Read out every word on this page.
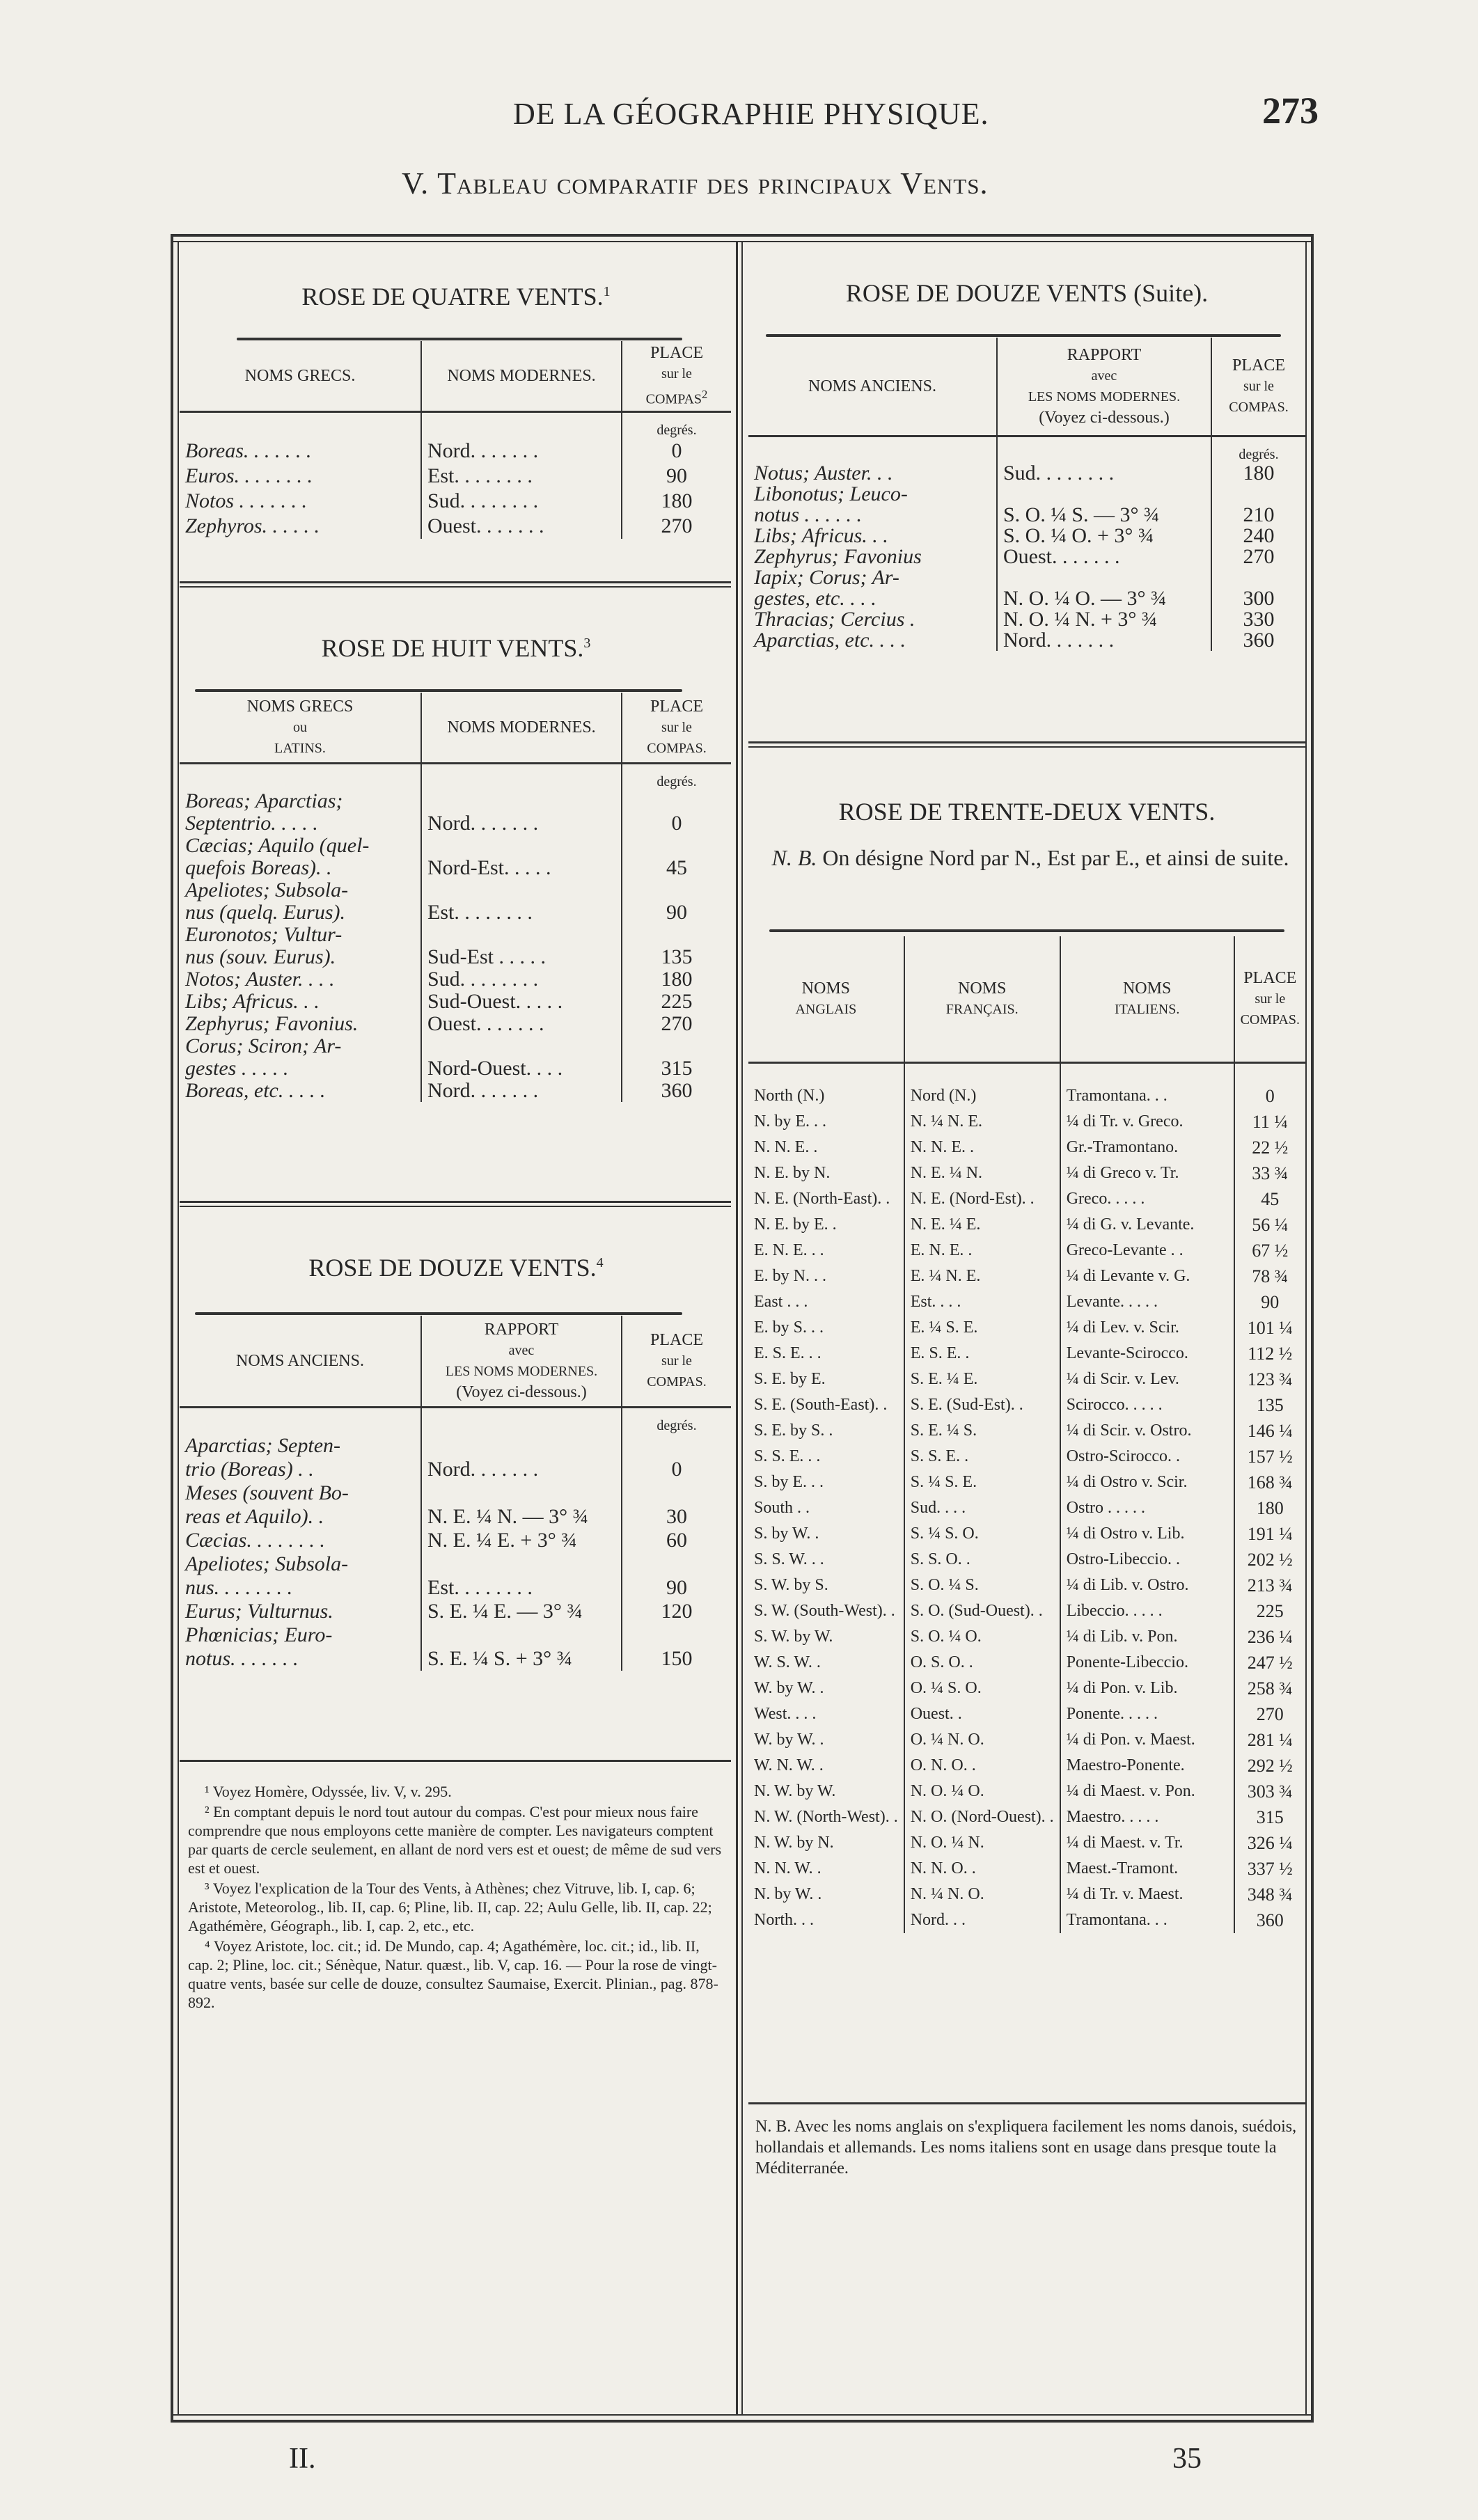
DE LA GÉOGRAPHIE PHYSIQUE.	273
V. Tableau comparatif des principaux Vents.
ROSE DE QUATRE VENTS.$^1$
NOMS GRECS.	NOMS MODERNES.	PLACE
sur le
COMPAS$^2$

		degrés.

Boreas. . . . . . .	Nord. . . . . . .	0

Euros. . . . . . . .	Est. . . . . . . .	90

Notos . . . . . . .	Sud. . . . . . . .	180

Zephyros. . . . . .	Ouest. . . . . . .	270
ROSE DE HUIT VENTS.$^3$
NOMS GRECS
ou
LATINS.	NOMS MODERNES.	PLACE
sur le
COMPAS.

		degrés.

Boreas; Aparctias;
Septentrio. . . . .	Nord. . . . . . .	0

Cæcias; Aquilo (quel-
quefois Boreas). .	Nord-Est. . . . .	45

Apeliotes; Subsola-
nus (quelq. Eurus).	Est. . . . . . . .	90

Euronotos; Vultur-
nus (souv. Eurus).	Sud-Est . . . . .	135

Notos; Auster. . . .	Sud. . . . . . . .	180

Libs; Africus. . .	Sud-Ouest. . . . .	225

Zephyrus; Favonius.	Ouest. . . . . . .	270

Corus; Sciron; Ar-
gestes . . . . .	Nord-Ouest. . . .	315

Boreas, etc. . . . .	Nord. . . . . . .	360
ROSE DE DOUZE VENTS.$^4$
NOMS ANCIENS.	RAPPORT
avec
LES NOMS MODERNES.
(Voyez ci-dessous.)	PLACE
sur le
COMPAS.

		degrés.

Aparctias; Septen-
trio (Boreas) . .	Nord. . . . . . .	0

Meses (souvent Bo-
reas et Aquilo). .	N. E. ¼ N. — 3° ¾	30

Cæcias. . . . . . . .	N. E. ¼ E. + 3° ¾	60

Apeliotes; Subsola-
nus. . . . . . . .	Est. . . . . . . .	90

Eurus; Vulturnus.	S. E. ¼ E. — 3° ¾	120

Phœnicias; Euro-
notus. . . . . . .	S. E. ¼ S. + 3° ¾	150

¹ Voyez Homère, Odyssée, liv. V, v. 295.

² En comptant depuis le nord tout autour du compas. C'est pour mieux nous faire comprendre que nous employons cette manière de compter. Les navigateurs comptent par quarts de cercle seulement, en allant de nord vers est et ouest; de même de sud vers est et ouest.

³ Voyez l'explication de la Tour des Vents, à Athènes; chez Vitruve, lib. I, cap. 6; Aristote, Meteorolog., lib. II, cap. 6; Pline, lib. II, cap. 22; Aulu Gelle, lib. II, cap. 22; Agathémère, Géograph., lib. I, cap. 2, etc., etc.

⁴ Voyez Aristote, loc. cit.; id. De Mundo, cap. 4; Agathémère, loc. cit.; id., lib. II, cap. 2; Pline, loc. cit.; Sénèque, Natur. quæst., lib. V, cap. 16. — Pour la rose de vingt-quatre vents, basée sur celle de douze, consultez Saumaise, Exercit. Plinian., pag. 878-892.

ROSE DE DOUZE VENTS (Suite).
NOMS ANCIENS.	RAPPORT
avec
LES NOMS MODERNES.
(Voyez ci-dessous.)	PLACE
sur le
COMPAS.

		degrés.

Notus; Auster. . .	Sud. . . . . . . .	180

Libonotus; Leuco-
notus . . . . . .	S. O. ¼ S. — 3° ¾	210

Libs; Africus. . .	S. O. ¼ O. + 3° ¾	240

Zephyrus; Favonius	Ouest. . . . . . .	270

Iapix; Corus; Ar-
gestes, etc. . . .	N. O. ¼ O. — 3° ¾	300

Thracias; Cercius .	N. O. ¼ N. + 3° ¾	330

Aparctias, etc. . . .	Nord. . . . . . .	360
ROSE DE TRENTE-DEUX VENTS.
N. B. On désigne Nord par N., Est par E., et ainsi de suite.
NOMS
ANGLAIS	NOMS
FRANÇAIS.	NOMS
ITALIENS.	PLACE
sur le
COMPAS.

North (N.)	Nord (N.)	Tramontana. . .	0
N. by E. . .	N. ¼ N. E.	¼ di Tr. v. Greco.	11 ¼
N. N. E. .	N. N. E. .	Gr.-Tramontano.	22 ½
N. E. by N.	N. E. ¼ N.	¼ di Greco v. Tr.	33 ¾
N. E. (North-East). .	N. E. (Nord-Est). .	Greco. . . . .	45
N. E. by E. .	N. E. ¼ E.	¼ di G. v. Levante.	56 ¼
E. N. E. . .	E. N. E. .	Greco-Levante . .	67 ½
E. by N. . .	E. ¼ N. E.	¼ di Levante v. G.	78 ¾
East . . .	Est. . . .	Levante. . . . .	90
E. by S. . .	E. ¼ S. E.	¼ di Lev. v. Scir.	101 ¼
E. S. E. . .	E. S. E. .	Levante-Scirocco.	112 ½
S. E. by E.	S. E. ¼ E.	¼ di Scir. v. Lev.	123 ¾
S. E. (South-East). .	S. E. (Sud-Est). .	Scirocco. . . . .	135
S. E. by S. .	S. E. ¼ S.	¼ di Scir. v. Ostro.	146 ¼
S. S. E. . .	S. S. E. .	Ostro-Scirocco. .	157 ½
S. by E. . .	S. ¼ S. E.	¼ di Ostro v. Scir.	168 ¾
South . .	Sud. . . .	Ostro . . . . .	180
S. by W. .	S. ¼ S. O.	¼ di Ostro v. Lib.	191 ¼
S. S. W. . .	S. S. O. .	Ostro-Libeccio. .	202 ½
S. W. by S.	S. O. ¼ S.	¼ di Lib. v. Ostro.	213 ¾
S. W. (South-West). .	S. O. (Sud-Ouest). .	Libeccio. . . . .	225
S. W. by W.	S. O. ¼ O.	¼ di Lib. v. Pon.	236 ¼
W. S. W. .	O. S. O. .	Ponente-Libeccio.	247 ½
W. by W. .	O. ¼ S. O.	¼ di Pon. v. Lib.	258 ¾
West. . . .	Ouest. .	Ponente. . . . .	270
W. by W. .	O. ¼ N. O.	¼ di Pon. v. Maest.	281 ¼
W. N. W. .	O. N. O. .	Maestro-Ponente.	292 ½
N. W. by W.	N. O. ¼ O.	¼ di Maest. v. Pon.	303 ¾
N. W. (North-West). .	N. O. (Nord-Ouest). .	Maestro. . . . .	315
N. W. by N.	N. O. ¼ N.	¼ di Maest. v. Tr.	326 ¼
N. N. W. .	N. N. O. .	Maest.-Tramont.	337 ½
N. by W. .	N. ¼ N. O.	¼ di Tr. v. Maest.	348 ¾
North. . .	Nord. . .	Tramontana. . .	360
N. B. Avec les noms anglais on s'expliquera facilement les noms danois, suédois, hollandais et allemands. Les noms italiens sont en usage dans presque toute la Méditerranée.
II.	35
